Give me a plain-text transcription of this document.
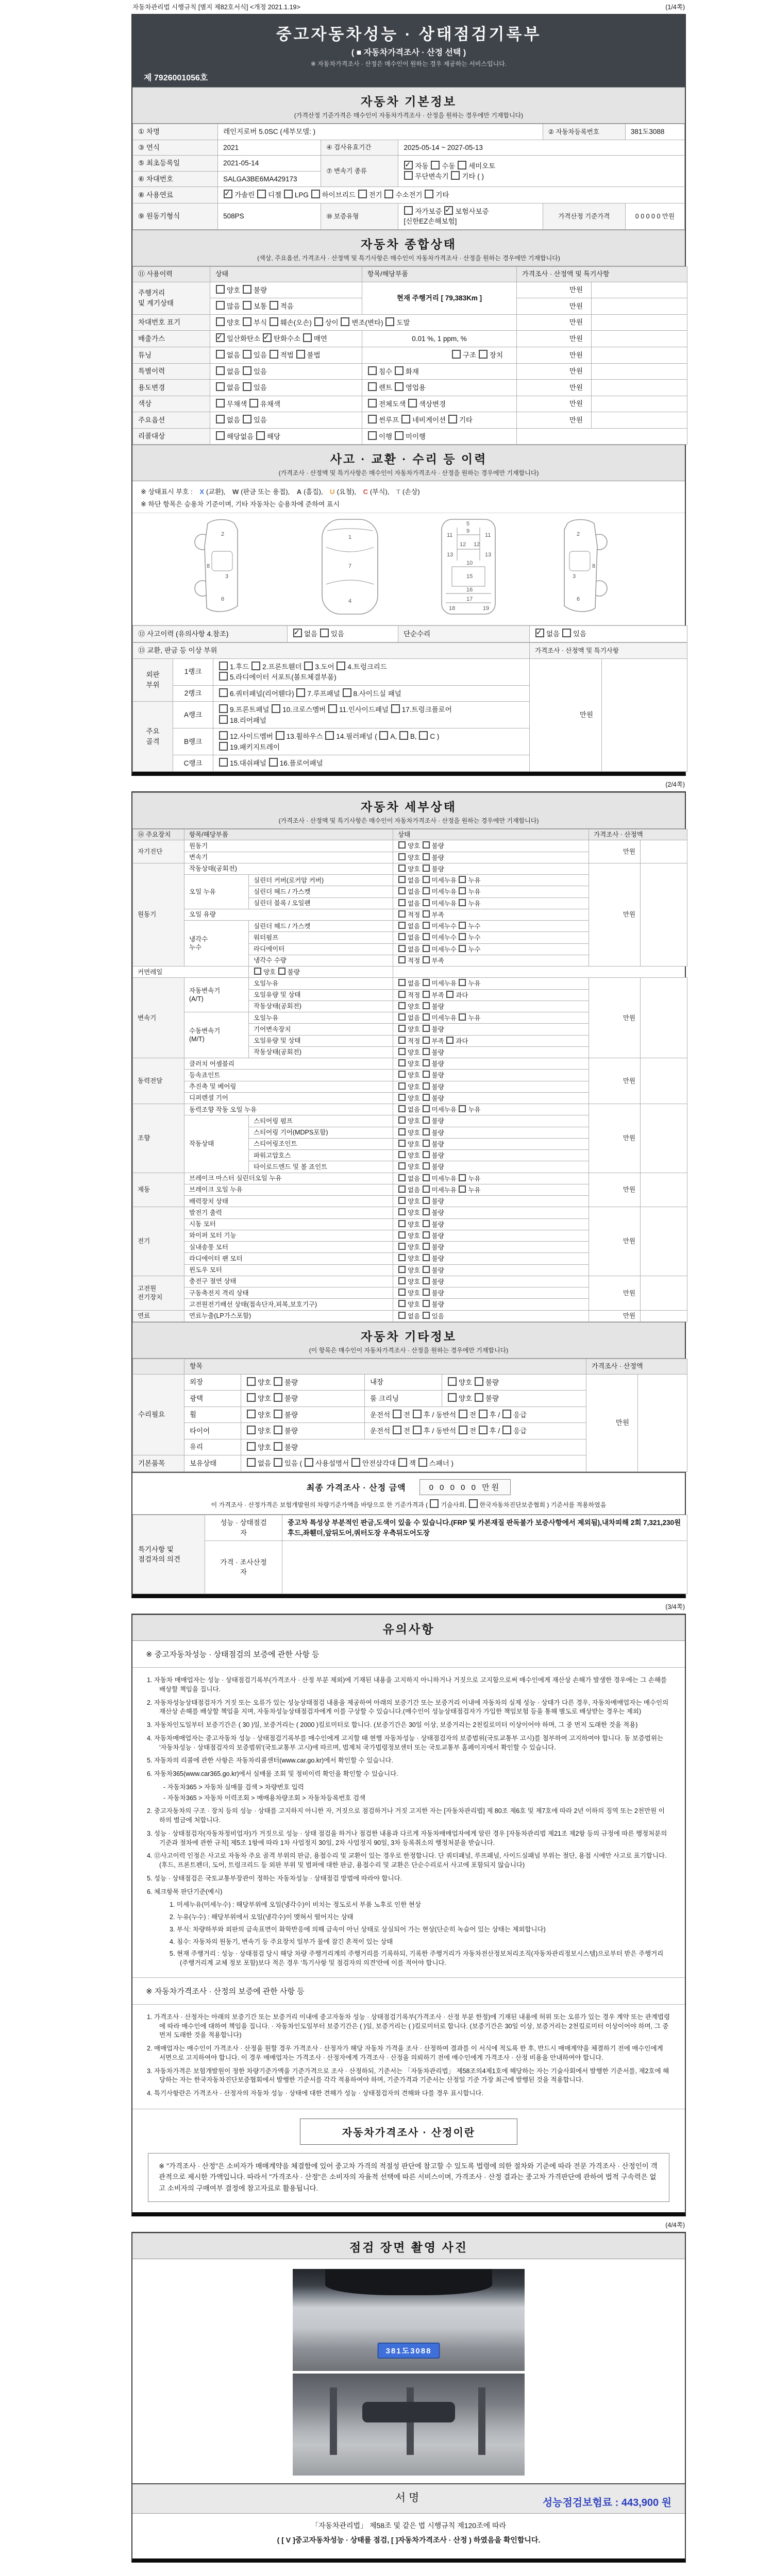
자동차관리법 시행규칙 [별지 제82호서식] <개정 2021.1.19>	(1/4쪽)
중고자동차성능 · 상태점검기록부
( ■ 자동차가격조사 · 산정 선택 )
※ 자동차가격조사 · 산정은 매수인이 원하는 경우 제공하는 서비스입니다.
제 7926001056호
자동차 기본정보
(가격산정 기준가격은 매수인이 자동차가격조사 · 산정을 원하는 경우에만 기재합니다)
① 차명	레인지로버 5.0SC (세부모델: )			② 자동차등록번호	381도3088
③ 연식	2021	④ 검사유효기간	2025-05-14 ~ 2027-05-13		
⑤ 최초등록일	2021-05-14	⑦ 변속기 종류	✓자동 수동 세미오토
무단변속기 기타 ( )
⑥ 차대번호	SALGA3BE6MA429173				
⑧ 사용연료	✓가솔린 디젤 LPG 하이브리드 전기 수소전기 기타
⑨ 원동기형식	508PS	⑩ 보증유형	자가보증 ✓보험사보증 [신한EZ손해보험]	가격산정 기준가격	0 0 0 0 0 만원
자동차 종합상태
(색상, 주요옵션, 가격조사 · 산정액 및 특기사항은 매수인이 자동차가격조사 · 산정을 원하는 경우에만 기재합니다)
⑪ 사용이력	상태	항목/해당부품	가격조사 · 산정액 및 특기사항	
주행거리
및 계기상태	양호 불량	현재 주행거리 [ 79,383Km ]	만원	
	많음 보통 적음		만원	
차대번호 표기	양호 부식 훼손(오손) 상이 변조(변타) 도말		만원	
배출가스	✓일산화탄소 ✓탄화수소 매연	0.01 %, 1 ppm, %	만원	
튜닝	없음 있음 적법 불법	구조 장치	만원	
특별이력	없음 있음	침수 화재	만원	
용도변경	없음 있음	렌트 영업용	만원	
색상	무채색 유채색	전체도색 색상변경	만원	
주요옵션	없음 있음	썬루프 네비게이션 기타	만원	
리콜대상	해당없음 해당	이행 미이행		
사고 · 교환 · 수리 등 이력
(가격조사 · 산정액 및 특기사항은 매수인이 자동차가격조사 · 산정을 원하는 경우에만 기재합니다)
※ 상태표시 부호 : X (교환), W (판금 또는 용접), A (흠집), U (요철), C (부식), T (손상)
※ 하단 항목은 승용차 기준이며, 기타 자동차는 승용차에 준하여 표시
2
8
3
6
1
7
4
5
11	11
9
12 12
13	13
10
15
16
17
18	19
2
8
3
6
⑫ 사고이력 (유의사항 4.참조)	✓없음 있음	단순수리	✓없음 있음
⑬ 교환, 판금 등 이상 부위			가격조사 · 산정액 및 특기사항	
외판
부위	1랭크	1.후드 2.프론트휀더 3.도어 4.트렁크리드
5.라디에이터 서포트(볼트체결부품)	만원	
	2랭크	6.쿼터패널(리어휀다) 7.루프패널 8.사이드실 패널		
주요
골격	A랭크	9.프론트패널 10.크로스멤버 11.인사이드패널 17.트렁크플로어
18.리어패널		
	B랭크	12.사이드멤버 13.휠하우스 14.필러패널 ( A, B, C )
19.패키지트레이		
	C랭크	15.대쉬패널 16.플로어패널		
(2/4쪽)
자동차 세부상태
(가격조사 · 산정액 및 특기사항은 매수인이 자동차가격조사 · 산정을 원하는 경우에만 기재합니다)
⑭ 주요장치	항목/해당부품		상태	가격조사 · 산정액	
자기진단	원동기		양호 불량	만원	
	변속기		양호 불량		
원동기	작동상태(공회전)		양호 불량	만원	
	오일 누유	실린더 커버(로커암 커버)	없음 미세누유 누유		
		실린더 헤드 / 가스켓	없음 미세누유 누유		
		실린더 블록 / 오일팬	없음 미세누유 누유		
	오일 유량		적정 부족		
	냉각수
누수	실린더 헤드 / 가스켓	없음 미세누수 누수		
		워터펌프	없음 미세누수 누수		
		라디에이터	없음 미세누수 누수		
		냉각수 수량	적정 부족		
커먼레일		양호 불량			
변속기	자동변속기
(A/T)	오일누유	없음 미세누유 누유	만원	
		오일유량 및 상태	적정 부족 과다		
		작동상태(공회전)	양호 불량		
	수동변속기
(M/T)	오일누유	없음 미세누유 누유		
		기어변속장치	양호 불량		
		오일유량 및 상태	적정 부족 과다		
		작동상태(공회전)	양호 불량		
동력전달	클러치 어셈블리		양호 불량	만원	
	등속죠인트		양호 불량		
	추진축 및 베어링		양호 불량		
	디퍼렌셜 기어		양호 불량		
조향	동력조향 작동 오일 누유		없음 미세누유 누유	만원	
	작동상태	스티어링 펌프	양호 불량		
		스티어링 기어(MDPS포함)	양호 불량		
		스티어링조인트	양호 불량		
		파워고압호스	양호 불량		
		타이로드엔드 및 볼 죠인트	양호 불량		
제동	브레이크 마스터 실린더오일 누유		없음 미세누유 누유	만원	
	브레이크 오일 누유		없음 미세누유 누유		
	배력장치 상태		양호 불량		
전기	발전기 출력		양호 불량	만원	
	시동 모터		양호 불량		
	와이퍼 모터 기능		양호 불량		
	실내송풍 모터		양호 불량		
	라디에이터 팬 모터		양호 불량		
	윈도우 모터		양호 불량		
고전원
전기장치	충전구 절연 상태		양호 불량	만원	
	구동축전지 격리 상태		양호 불량		
	고전원전기배선 상태(접속단자,피복,보호기구)		양호 불량		
연료	연료누출(LP가스포함)		없음 있음	만원	
자동차 기타정보
(이 항목은 매수인이 자동차가격조사 · 산정을 원하는 경우에만 기재합니다)
	항목				가격조사 · 산정액	
수리필요	외장	양호 불량	내장	양호 불량	만원	
	광택	양호 불량	룸 크리닝	양호 불량		
	휠	양호 불량	운전석 전 후 / 동반석 전 후 / 응급			
	타이어	양호 불량	운전석 전 후 / 동반석 전 후 / 응급			
	유리	양호 불량				
기본품목	보유상태	없음 있음 ( 사용설명서 안전삼각대 잭 스패너 )				
최종 가격조사 · 산정 금액	0 0 0 0 0 만원
이 가격조사 · 산정가격은 보험개발원의 차량기준가액을 바탕으로 한 기준가격과 ( 기술사회, 한국자동차진단보증협회 ) 기준서를 적용하였음
특기사항 및
점검자의 의견	성능 · 상태점검
자	중고차 특성상 부분적인 판금,도색이 있을 수 있습니다.(FRP 및 카본재질 판독불가 보증사항에서 제외됨),내차피해 2회 7,321,230원 후드,좌휀더,앞뒤도어,쿼터도장 우측뒤도어도장
	가격 · 조사산정
자	
(3/4쪽)
유의사항
※ 중고자동차성능 · 상태점검의 보증에 관한 사항 등
1. 자동차 매매업자는 성능 · 상태점검기록부(가격조사 · 산정 부분 제외)에 기재된 내용을 고지하지 아니하거나 거짓으로 고지함으로써 매수인에게 재산상 손해가 발생한 경우에는 그 손해를 배상할 책임을 집니다.
2. 자동차성능상태점검자가 거짓 또는 오류가 있는 성능상태점검 내용을 제공하여 아래의 보증기간 또는 보증거리 이내에 자동차의 실제 성능 · 상태가 다른 경우, 자동차매매업자는 매수인의 재산상 손해를 배상할 책임을 지며, 자동차성능상태점검자에게 이를 구상할 수 있습니다.(매수인이 성능상태점검자가 가입한 책임보험 등을 통해 별도로 배상받는 경우는 제외)
3. 자동차인도일부터 보증기간은 ( 30 )일, 보증거리는 ( 2000 )킬로미터로 합니다. (보증기간은 30일 이상, 보증거리는 2천킬로미터 이상이어야 하며, 그 중 먼저 도래한 것을 적용)
4. 자동차매매업자는 중고자동차 성능 · 상태점검기록부를 매수인에게 고지할 때 현행 자동차성능 · 상태점검자의 보증범위(국토교통부 고시)를 첨부하여 고지하여야 합니다. 동 보증범위는 '자동차성능 · 상태점검자의 보증범위'(국토교통부 고시)에 따르며, 법제처 국가법령정보센터 또는 국토교통부 홈페이지에서 확인할 수 있습니다.
5. 자동차의 리콜에 관한 사항은 자동차리콜센터(www.car.go.kr)에서 확인할 수 있습니다.
6. 자동차365(www.car365.go.kr)에서 실매물 조회 및 정비이력 확인을 확인할 수 있습니다.
- 자동차365 > 자동차 실매물 검색 > 차량번호 입력
- 자동차365 > 자동차 이력조회 > 매매용차량조회 > 자동차등록번호 검색
2. 중고자동차의 구조 · 장치 등의 성능 · 상태를 고지하지 아니한 자, 거짓으로 점검하거나 거짓 고지한 자는 [자동차관리법] 제 80조 제6호 및 제7호에 따라 2년 이하의 징역 또는 2천만원 이하의 벌금에 처합니다.
3. 성능 · 상태점검자(자동차정비업자)가 거짓으로 성능 · 상태 점검을 하거나 점검한 내용과 다르게 자동차매매업자에게 알린 경우 [자동차관리법 제21조 제2항 등의 규정에 따른 행정처분의 기준과 절차에 관한 규칙] 제5조 1항에 따라 1차 사업정지 30일, 2차 사업정지 90일, 3차 등록취소의 행정처분을 받습니다.
4. ⑫사고이력 인정은 사고로 자동차 주요 골격 부위의 판금, 용접수리 및 교환이 있는 경우로 한정합니다. 단 쿼터패널, 루프패널, 사이드실패널 부위는 절단, 용접 시에만 사고로 표기합니다. (후드, 프론트펜더, 도어, 트렁크리드 등 외판 부위 및 범퍼에 대한 판금, 용접수리 및 교환은 단순수리로서 사고에 포함되지 않습니다)
5. 성능 · 상태점검은 국토교통부장관이 정하는 자동차성능 · 상태점검 방법에 따라야 합니다.
6. 체크항목 판단기준(예시)
1. 미세누유(미세누수) : 해당부위에 오일(냉각수)이 비치는 정도로서 부품 노후로 인한 현상
2. 누유(누수) : 해당부위에서 오일(냉각수)이 맺혀서 떨어지는 상태
3. 부식: 차량하부와 외판의 금속표면이 화학반응에 의해 금속이 아닌 상태로 상실되어 가는 현상(단순히 녹슬어 있는 상태는 제외합니다)
4. 침수: 자동차의 원동기, 변속기 등 주요장치 일부가 물에 잠긴 흔적이 있는 상태
5. 현재 주행거리 : 성능 · 상태점검 당시 해당 차량 주행거리계의 주행거리를 기록하되, 기록한 주행거리가 자동차전산정보처리조직(자동차관리정보시스템)으로부터 받은 주행거리(주행거리계 교체 정보 포함)보다 적은 경우 '특기사항 및 점검자의 의견'란에 이를 적어야 합니다.
※ 자동차가격조사 · 산정의 보증에 관한 사항 등
1. 가격조사 · 산정자는 아래의 보증기간 또는 보증거리 이내에 중고자동차 성능 · 상태점검기록부(가격조사 · 산정 부분 한정)에 기재된 내용에 허위 또는 오류가 있는 경우 계약 또는 관계법령에 따라 매수인에 대하여 책임을 집니다. · 자동차인도일부터 보증기간은 ( )일, 보증거리는 ( )킬로미터로 합니다. (보증기간은 30일 이상, 보증거리는 2천킬로미터 이상이어야 하며, 그 중 먼저 도래한 것을 적용합니다)
2. 매매업자는 매수인이 가격조사 · 산정을 원할 경우 가격조사 · 산정자가 해당 자동차 가격을 조사 · 산정하여 결과를 이 서식에 적도록 한 후, 반드시 매매계약을 체결하기 전에 매수인에게 서면으로 고지하여야 합니다. 이 경우 매매업자는 가격조사 · 산정자에게 가격조사 · 산정을 의뢰하기 전에 매수인에게 가격조사 · 산정 비용을 안내하여야 합니다.
3. 자동차가격은 보험개발원이 정한 차량기준가액을 기준가격으로 조사 · 산정하되, 기준서는 「자동차관리법」 제58조의4제1호에 해당하는 자는 기술사회에서 발행한 기준서를, 제2호에 해당하는 자는 한국자동차진단보증협회에서 발행한 기준서를 각각 적용하여야 하며, 기준가격과 기준서는 산정일 기준 가장 최근에 발행된 것을 적용합니다.
4. 특기사항란은 가격조사 · 산정자의 자동차 성능 · 상태에 대한 견해가 성능 · 상태점검자의 견해와 다를 경우 표시합니다.
자동차가격조사 · 산정이란
※ "가격조사 · 산정"은 소비자가 매매계약을 체결함에 있어 중고차 가격의 적절성 판단에 참고할 수 있도록 법령에 의한 절차와 기준에 따라 전문 가격조사 · 산정인이 객관적으로 제시한 가액입니다. 따라서 "가격조사 · 산정"은 소비자의 자율적 선택에 따른 서비스이며, 가격조사 · 산정 결과는 중고차 가격판단에 관하여 법적 구속력은 없고 소비자의 구매여부 결정에 참고자료로 활용됩니다.
(4/4쪽)
점검 장면 촬영 사진
381도3088
서명	성능점검보험료 : 443,900 원
「자동차관리법」 제58조 및 같은 법 시행규칙 제120조에 따라
( [ V ]중고자동차성능 · 상태를 점검, [ ]자동차가격조사 · 산정 ) 하였음을 확인합니다.
